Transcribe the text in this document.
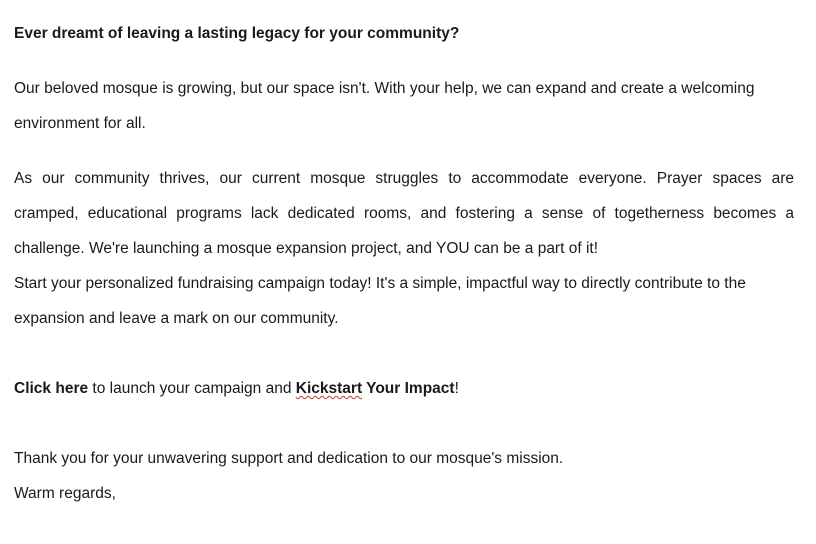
Ever dreamt of leaving a lasting legacy for your community?
Our beloved mosque is growing, but our space isn't. With your help, we can expand and create a welcoming
environment for all.
As our community thrives, our current mosque struggles to accommodate everyone. Prayer spaces are
cramped, educational programs lack dedicated rooms, and fostering a sense of togetherness becomes a
challenge. We're launching a mosque expansion project, and YOU can be a part of it!
Start your personalized fundraising campaign today! It's a simple, impactful way to directly contribute to the
expansion and leave a mark on our community.
Click here to launch your campaign and Kickstart Your Impact!
Thank you for your unwavering support and dedication to our mosque's mission.
Warm regards,
